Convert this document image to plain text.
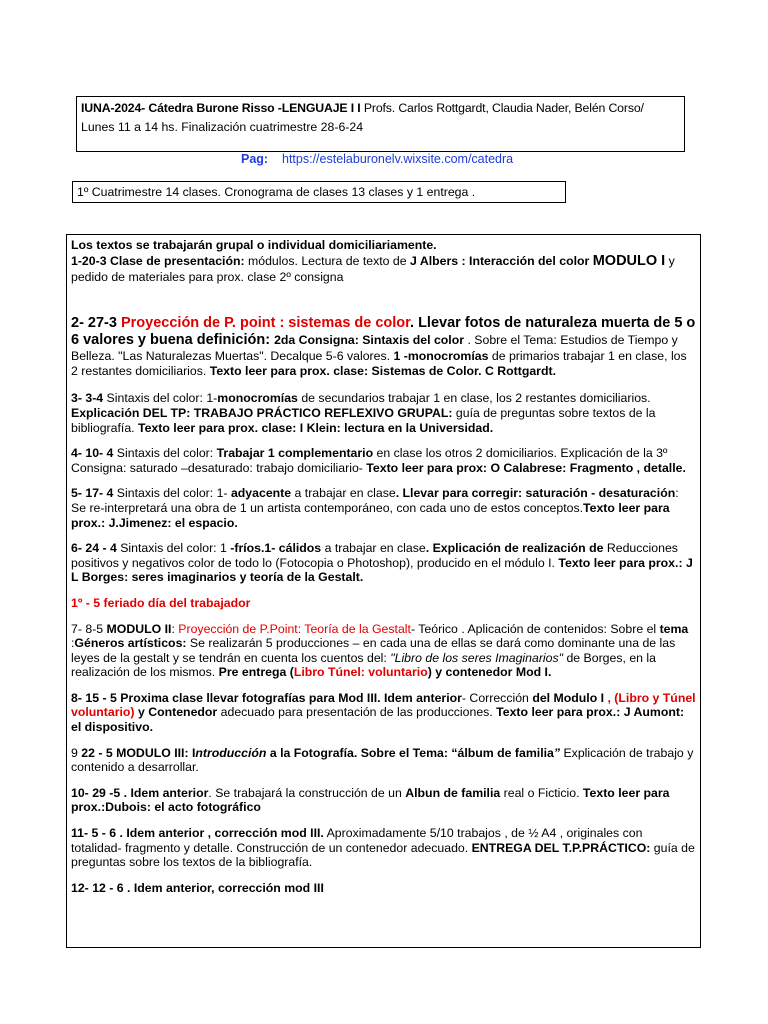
IUNA-2024- Cátedra Burone Risso -LENGUAJE I I Profs. Carlos Rottgardt, Claudia Nader, Belén Corso/
Lunes 11 a 14 hs. Finalización cuatrimestre 28-6-24
Pag: https://estelaburonelv.wixsite.com/catedra
1º Cuatrimestre 14 clases. Cronograma de clases 13 clases y 1 entrega .

Los textos se trabajarán grupal o individual domiciliariamente.
1-20-3 Clase de presentación: módulos. Lectura de texto de J Albers : Interacción del color MODULO I y pedido de materiales para prox. clase 2º consigna

2- 27-3 Proyección de P. point : sistemas de color. Llevar fotos de naturaleza muerta de 5 o 6 valores y buena definición: 2da Consigna: Sintaxis del color . Sobre el Tema: Estudios de Tiempo y Belleza. "Las Naturalezas Muertas". Decalque 5-6 valores. 1 -monocromías de primarios trabajar 1 en clase, los 2 restantes domiciliarios. Texto leer para prox. clase: Sistemas de Color. C Rottgardt.

3- 3-4 Sintaxis del color: 1-monocromías de secundarios trabajar 1 en clase, los 2 restantes domiciliarios. Explicación DEL TP: TRABAJO PRÁCTICO REFLEXIVO GRUPAL: guía de preguntas sobre textos de la bibliografía. Texto leer para prox. clase: I Klein: lectura en la Universidad.

4- 10- 4 Sintaxis del color: Trabajar 1 complementario en clase los otros 2 domiciliarios. Explicación de la 3º Consigna: saturado –desaturado: trabajo domiciliario- Texto leer para prox: O Calabrese: Fragmento , detalle.

5- 17- 4 Sintaxis del color: 1- adyacente a trabajar en clase. Llevar para corregir: saturación - desaturación: Se re-interpretará una obra de 1 un artista contemporáneo, con cada uno de estos conceptos.Texto leer para prox.: J.Jimenez: el espacio.

6- 24 - 4 Sintaxis del color: 1 -fríos.1- cálidos a trabajar en clase. Explicación de realización de Reducciones positivos y negativos color de todo lo (Fotocopia o Photoshop), producido en el módulo I. Texto leer para prox.: J L Borges: seres imaginarios y teoría de la Gestalt.

1º - 5 feriado día del trabajador

7- 8-5 MODULO II: Proyección de P.Point: Teoría de la Gestalt- Teórico . Aplicación de contenidos: Sobre el tema :Géneros artísticos: Se realizarán 5 producciones – en cada una de ellas se dará como dominante una de las leyes de la gestalt y se tendrán en cuenta los cuentos del: "Libro de los seres Imaginarios" de Borges, en la realización de los mismos. Pre entrega (Libro Túnel: voluntario) y contenedor Mod I.

8- 15 - 5 Proxima clase llevar fotografías para Mod III. Idem anterior- Corrección del Modulo I , (Libro y Túnel voluntario) y Contenedor adecuado para presentación de las producciones. Texto leer para prox.: J Aumont: el dispositivo.

9 22 - 5 MODULO III: Introducción a la Fotografía. Sobre el Tema: “álbum de familia” Explicación de trabajo y contenido a desarrollar.

10- 29 -5 . Idem anterior. Se trabajará la construcción de un Albun de familia real o Ficticio. Texto leer para prox.:Dubois: el acto fotográfico

11- 5 - 6 . Idem anterior , corrección mod III. Aproximadamente 5/10 trabajos , de ½ A4 , originales con totalidad- fragmento y detalle. Construcción de un contenedor adecuado. ENTREGA DEL T.P.PRÁCTICO: guía de preguntas sobre los textos de la bibliografía.

12- 12 - 6 . Idem anterior, corrección mod III
